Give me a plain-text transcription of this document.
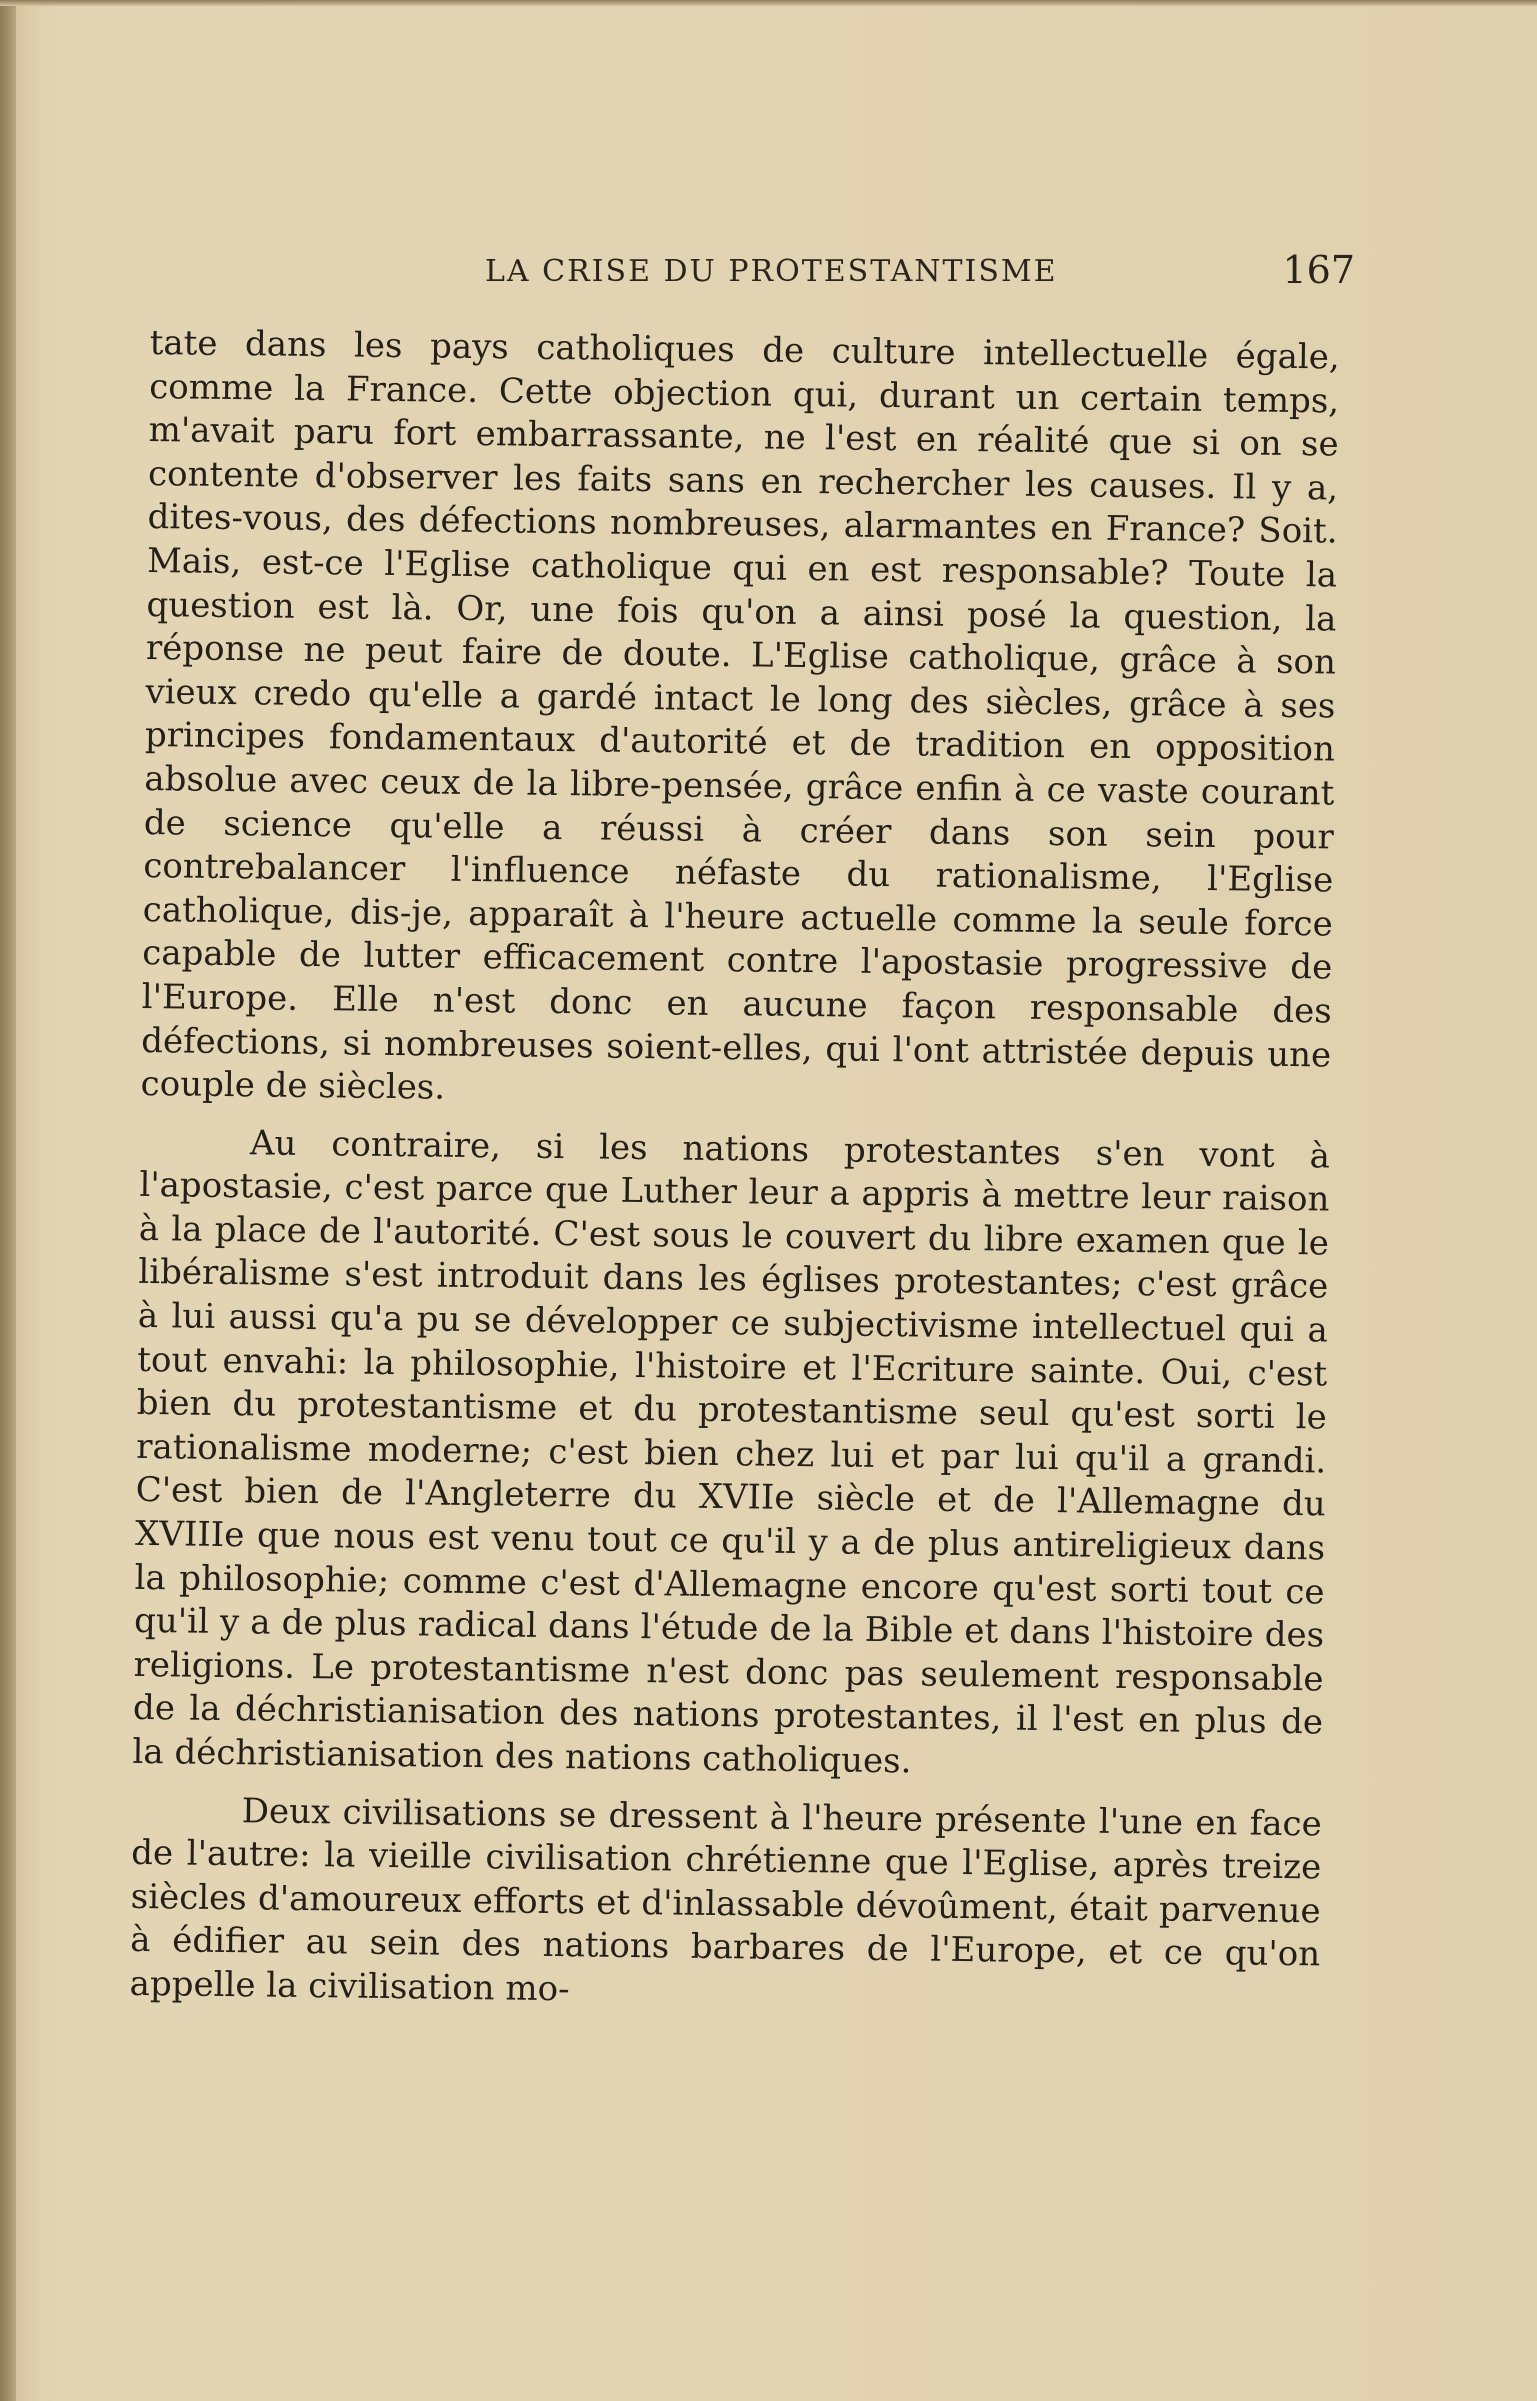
LA CRISE DU PROTESTANTISME	167

tate dans les pays catholiques de culture intellectuelle égale, comme la France. Cette objection qui, durant un certain temps, m'avait paru fort embarrassante, ne l'est en réalité que si on se contente d'observer les faits sans en rechercher les causes. Il y a, dites-vous, des défections nombreuses, alarmantes en France? Soit. Mais, est-ce l'Eglise catholique qui en est responsable? Toute la question est là. Or, une fois qu'on a ainsi posé la question, la réponse ne peut faire de doute. L'Eglise catholique, grâce à son vieux credo qu'elle a gardé intact le long des siècles, grâce à ses principes fondamentaux d'autorité et de tradition en opposition absolue avec ceux de la libre-pensée, grâce enfin à ce vaste courant de science qu'elle a réussi à créer dans son sein pour contrebalancer l'influence néfaste du rationalisme, l'Eglise catholique, dis-je, apparaît à l'heure actuelle comme la seule force capable de lutter efficacement contre l'apostasie progressive de l'Europe. Elle n'est donc en aucune façon responsable des défections, si nombreuses soient-elles, qui l'ont attristée depuis une couple de siècles.

Au contraire, si les nations protestantes s'en vont à l'apostasie, c'est parce que Luther leur a appris à mettre leur raison à la place de l'autorité. C'est sous le couvert du libre examen que le libéralisme s'est introduit dans les églises protestantes; c'est grâce à lui aussi qu'a pu se développer ce subjectivisme intellectuel qui a tout envahi: la philosophie, l'histoire et l'Ecriture sainte. Oui, c'est bien du protestantisme et du protestantisme seul qu'est sorti le rationalisme moderne; c'est bien chez lui et par lui qu'il a grandi. C'est bien de l'Angleterre du XVIIe siècle et de l'Allemagne du XVIIIe que nous est venu tout ce qu'il y a de plus antireligieux dans la philosophie; comme c'est d'Allemagne encore qu'est sorti tout ce qu'il y a de plus radical dans l'étude de la Bible et dans l'histoire des religions. Le protestantisme n'est donc pas seulement responsable de la déchristianisation des nations protestantes, il l'est en plus de la déchristianisation des nations catholiques.

Deux civilisations se dressent à l'heure présente l'une en face de l'autre: la vieille civilisation chrétienne que l'Eglise, après treize siècles d'amoureux efforts et d'inlassable dévoûment, était parvenue à édifier au sein des nations barbares de l'Europe, et ce qu'on appelle la civilisation mo-
